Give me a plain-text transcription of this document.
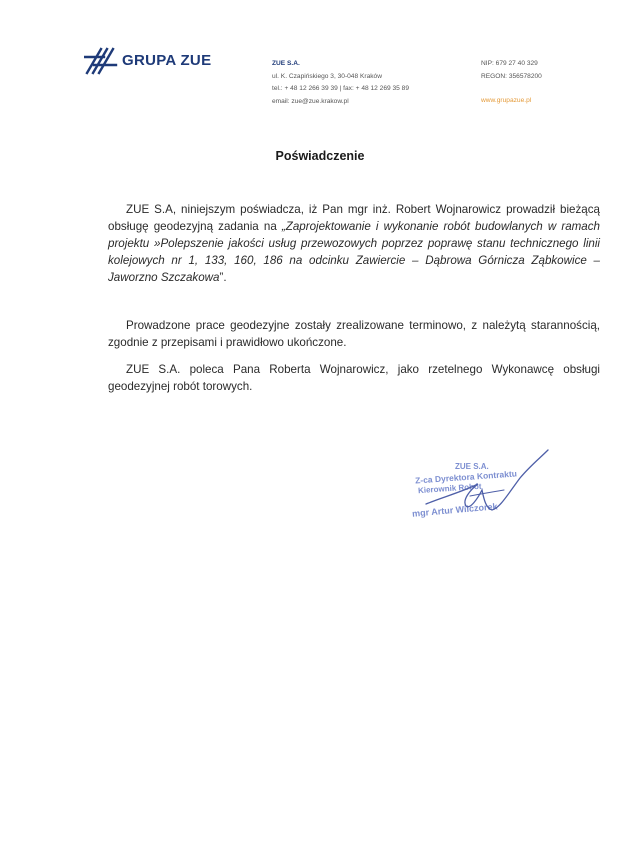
GRUPA ZUE	ZUE S.A.
ul. K. Czapińskiego 3, 30-048 Kraków
tel.: + 48 12 266 39 39 | fax: + 48 12 269 35 89
email: zue@zue.krakow.pl
NIP: 679 27 40 329
REGON: 356578200
www.grupazue.pl
Poświadczenie
ZUE S.A, niniejszym poświadcza, iż Pan mgr inż. Robert Wojnarowicz prowadził bieżącą obsługę geodezyjną zadania na „Zaprojektowanie i wykonanie robót budowlanych w ramach projektu »Polepszenie jakości usług przewozowych poprzez poprawę stanu technicznego linii kolejowych nr 1, 133, 160, 186 na odcinku Zawiercie – Dąbrowa Górnicza Ząbkowice – Jaworzno Szczakowa”.
Prowadzone prace geodezyjne zostały zrealizowane terminowo, z należytą starannością, zgodnie z przepisami i prawidłowo ukończone.
ZUE S.A. poleca Pana Roberta Wojnarowicz, jako rzetelnego Wykonawcę obsługi geodezyjnej robót torowych.
ZUE S.A.
Z-ca Dyrektora Kontraktu
Kierownik Robót
mgr Artur Wilczorek
